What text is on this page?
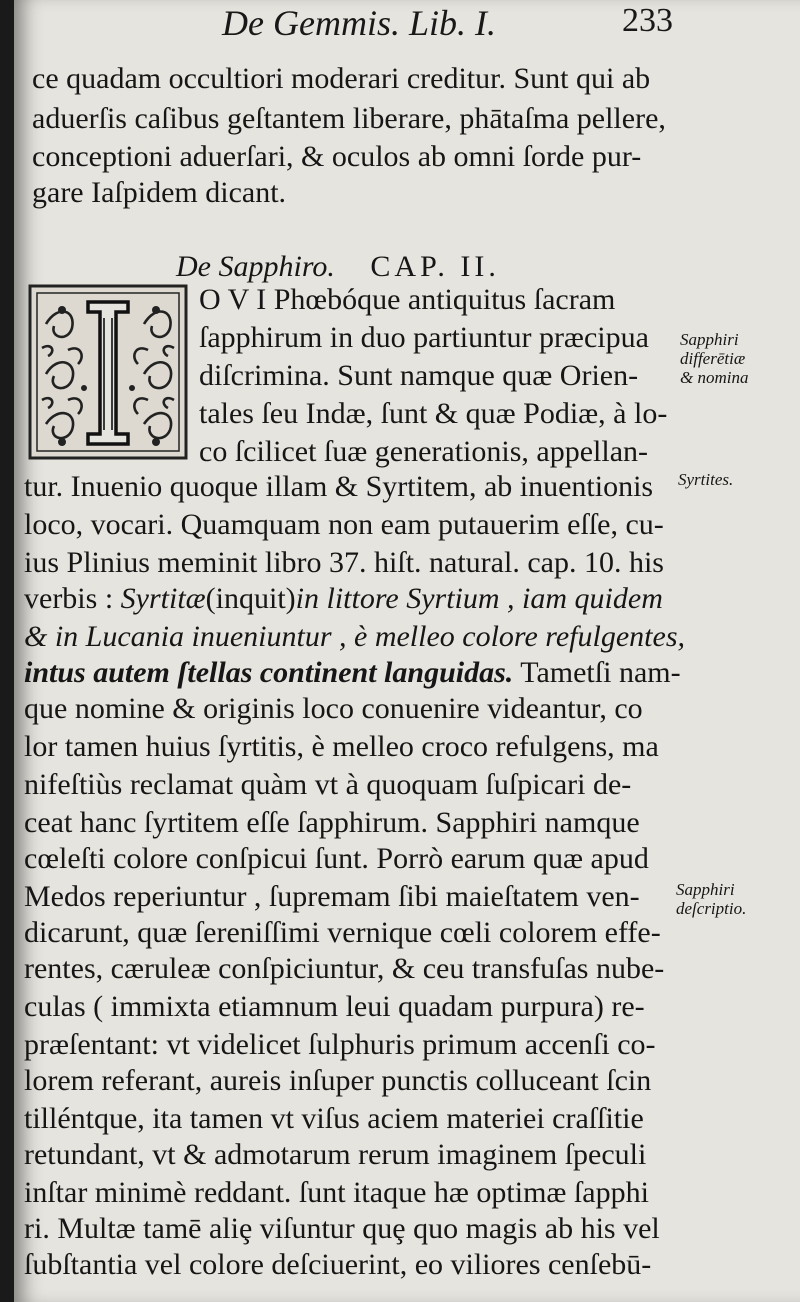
De Gemmis. Lib. I.	233
ce quadam occultiori moderari creditur. Sunt qui ab
aduerſis caſibus geſtantem liberare, phātaſma pellere,
conceptioni aduerſari, & oculos ab omni ſorde pur-
gare Iaſpidem dicant.
De Sapphiro. CAP. II.
O V I Phœbóque antiquitus ſacram
ſapphirum in duo partiuntur præcipua
diſcrimina. Sunt namque quæ Orien-
tales ſeu Indæ, ſunt & quæ Podiæ, à lo-
co ſcilicet ſuæ generationis, appellan-
tur. Inuenio quoque illam & Syrtitem, ab inuentionis
loco, vocari. Quamquam non eam putauerim eſſe, cu-
ius Plinius meminit libro 37. hiſt. natural. cap. 10. his
verbis : Syrtitæ(inquit)in littore Syrtium , iam quidem
& in Lucania inueniuntur , è melleo colore refulgentes,
intus autem ſtellas continent languidas. Tametſi nam-
que nomine & originis loco conuenire videantur, co
lor tamen huius ſyrtitis, è melleo croco refulgens, ma
nifeſtiùs reclamat quàm vt à quoquam ſuſpicari de-
ceat hanc ſyrtitem eſſe ſapphirum. Sapphiri namque
cœleſti colore conſpicui ſunt. Porrò earum quæ apud
Medos reperiuntur , ſupremam ſibi maieſtatem ven-
dicarunt, quæ ſereniſſimi vernique cœli colorem effe-
rentes, cæruleæ conſpiciuntur, & ceu transfuſas nube-
culas ( immixta etiamnum leui quadam purpura) re-
præſentant: vt videlicet ſulphuris primum accenſi co-
lorem referant, aureis inſuper punctis colluceant ſcin
tilléntque, ita tamen vt viſus aciem materiei craſſitie
retundant, vt & admotarum rerum imaginem ſpeculi
inſtar minimè reddant. ſunt itaque hæ optimæ ſapphi
ri. Multæ tamē aliȩ viſuntur quȩ quo magis ab his vel
ſubſtantia vel colore deſciuerint, eo viliores cenſebū-
Sapphiri
differētiæ
& nomina
Syrtites.
Sapphiri
deſcriptio.
